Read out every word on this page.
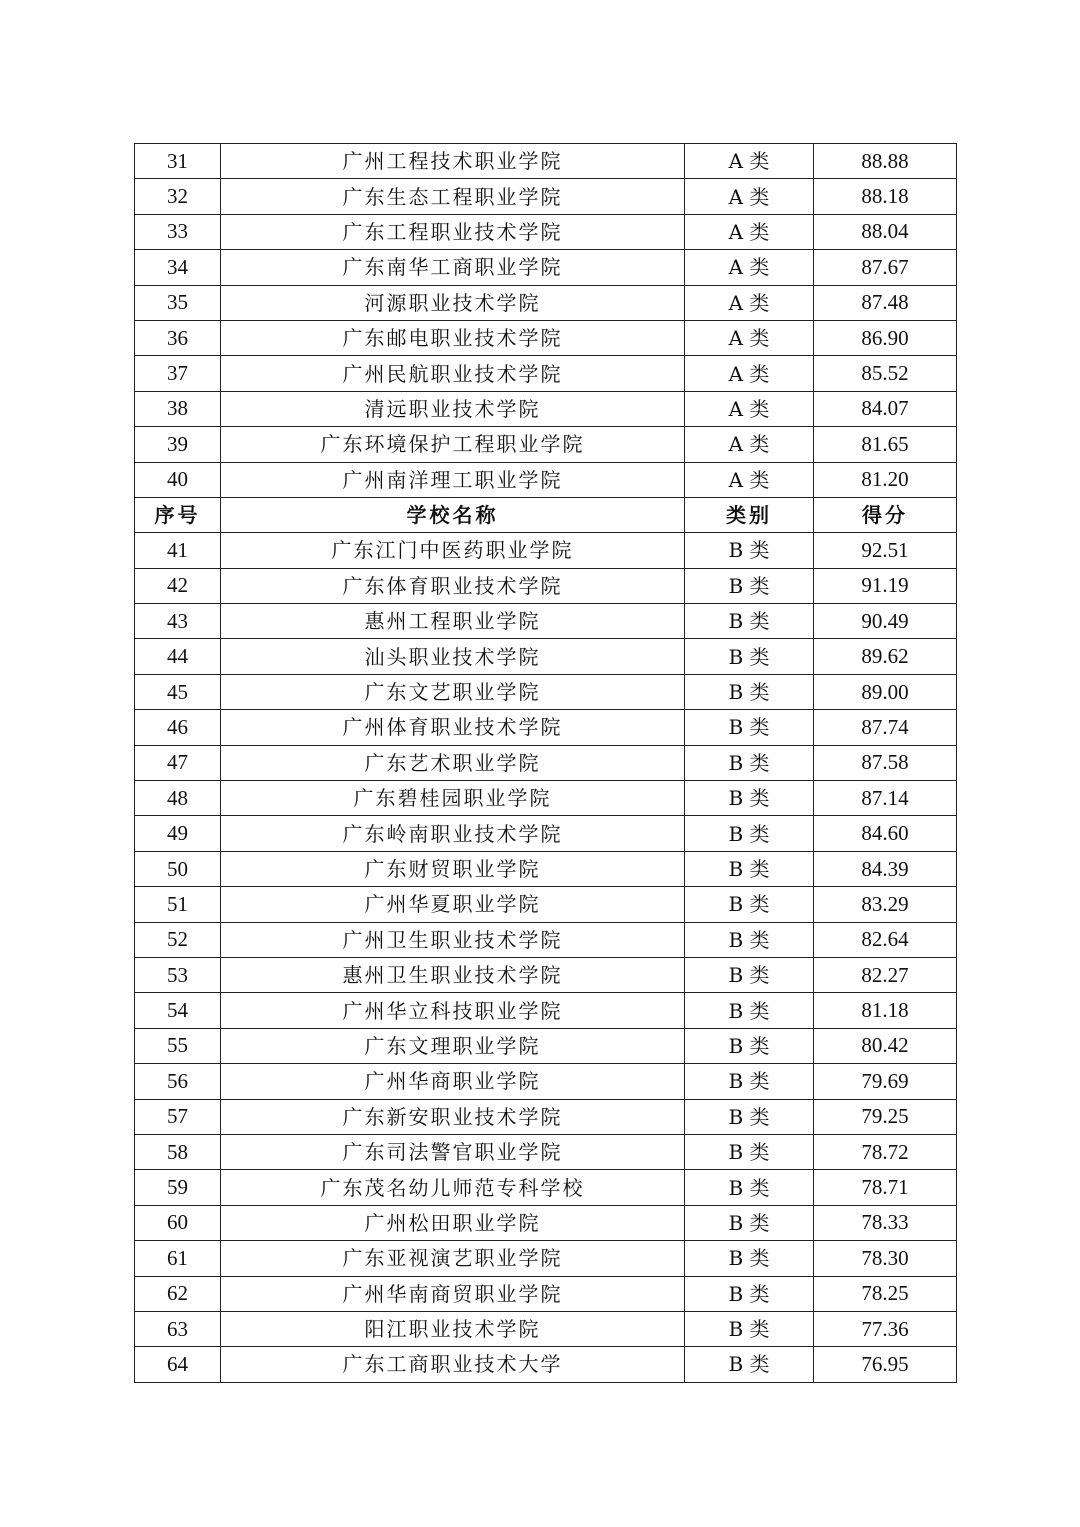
31	广州工程技术职业学院	A 类	88.88
32	广东生态工程职业学院	A 类	88.18
33	广东工程职业技术学院	A 类	88.04
34	广东南华工商职业学院	A 类	87.67
35	河源职业技术学院	A 类	87.48
36	广东邮电职业技术学院	A 类	86.90
37	广州民航职业技术学院	A 类	85.52
38	清远职业技术学院	A 类	84.07
39	广东环境保护工程职业学院	A 类	81.65
40	广州南洋理工职业学院	A 类	81.20
序号	学校名称	类别	得分
41	广东江门中医药职业学院	B 类	92.51
42	广东体育职业技术学院	B 类	91.19
43	惠州工程职业学院	B 类	90.49
44	汕头职业技术学院	B 类	89.62
45	广东文艺职业学院	B 类	89.00
46	广州体育职业技术学院	B 类	87.74
47	广东艺术职业学院	B 类	87.58
48	广东碧桂园职业学院	B 类	87.14
49	广东岭南职业技术学院	B 类	84.60
50	广东财贸职业学院	B 类	84.39
51	广州华夏职业学院	B 类	83.29
52	广州卫生职业技术学院	B 类	82.64
53	惠州卫生职业技术学院	B 类	82.27
54	广州华立科技职业学院	B 类	81.18
55	广东文理职业学院	B 类	80.42
56	广州华商职业学院	B 类	79.69
57	广东新安职业技术学院	B 类	79.25
58	广东司法警官职业学院	B 类	78.72
59	广东茂名幼儿师范专科学校	B 类	78.71
60	广州松田职业学院	B 类	78.33
61	广东亚视演艺职业学院	B 类	78.30
62	广州华南商贸职业学院	B 类	78.25
63	阳江职业技术学院	B 类	77.36
64	广东工商职业技术大学	B 类	76.95
